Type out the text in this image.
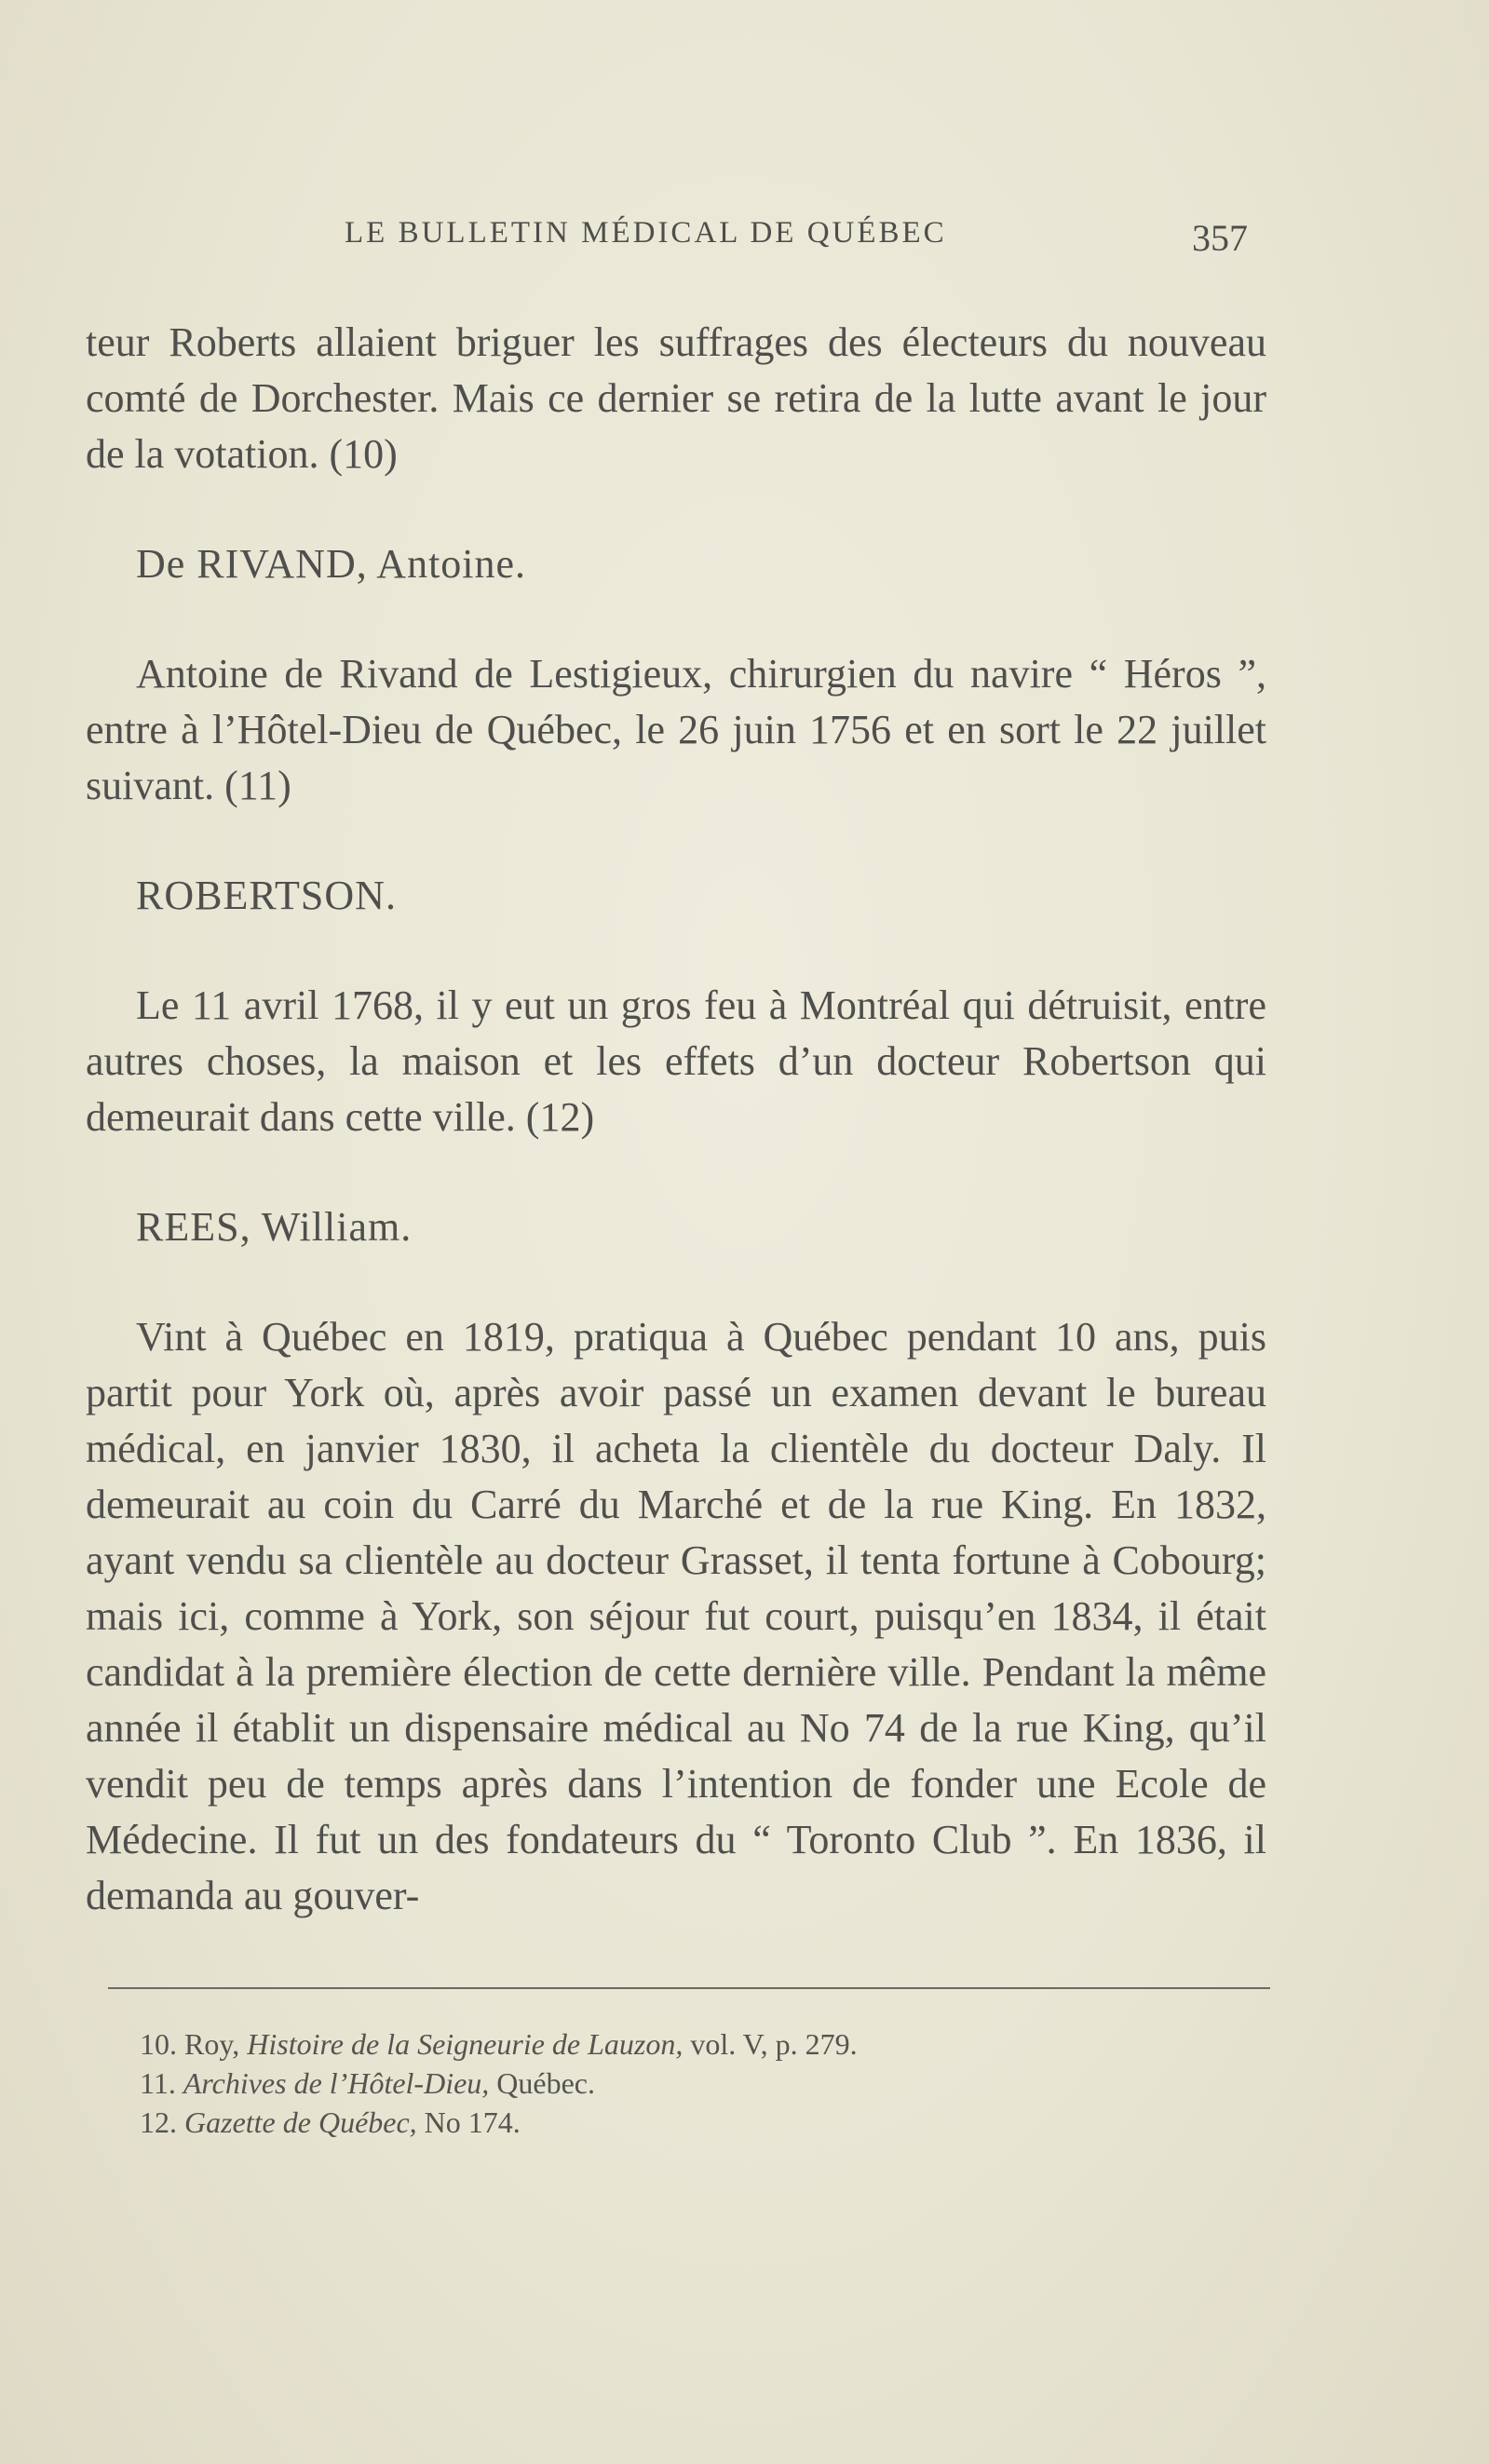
LE BULLETIN MÉDICAL DE QUÉBEC	357

teur Roberts allaient briguer les suffrages des électeurs du nouveau comté de Dorchester. Mais ce dernier se retira de la lutte avant le jour de la votation. (10)

De RIVAND, Antoine.

Antoine de Rivand de Lestigieux, chirurgien du navire “ Héros ”, entre à l’Hôtel-Dieu de Québec, le 26 juin 1756 et en sort le 22 juillet suivant. (11)

ROBERTSON.

Le 11 avril 1768, il y eut un gros feu à Montréal qui détruisit, entre autres choses, la maison et les effets d’un docteur Robertson qui demeurait dans cette ville. (12)

REES, William.

Vint à Québec en 1819, pratiqua à Québec pendant 10 ans, puis partit pour York où, après avoir passé un examen devant le bureau médical, en janvier 1830, il acheta la clientèle du docteur Daly. Il demeurait au coin du Carré du Marché et de la rue King. En 1832, ayant vendu sa clientèle au docteur Grasset, il tenta fortune à Cobourg; mais ici, comme à York, son séjour fut court, puisqu’en 1834, il était candidat à la première élection de cette dernière ville. Pendant la même année il établit un dispensaire médical au No 74 de la rue King, qu’il vendit peu de temps après dans l’intention de fonder une Ecole de Médecine. Il fut un des fondateurs du “ Toronto Club ”. En 1836, il demanda au gouver-

10. Roy, Histoire de la Seigneurie de Lauzon, vol. V, p. 279.

11. Archives de l’Hôtel-Dieu, Québec.

12. Gazette de Québec, No 174.
